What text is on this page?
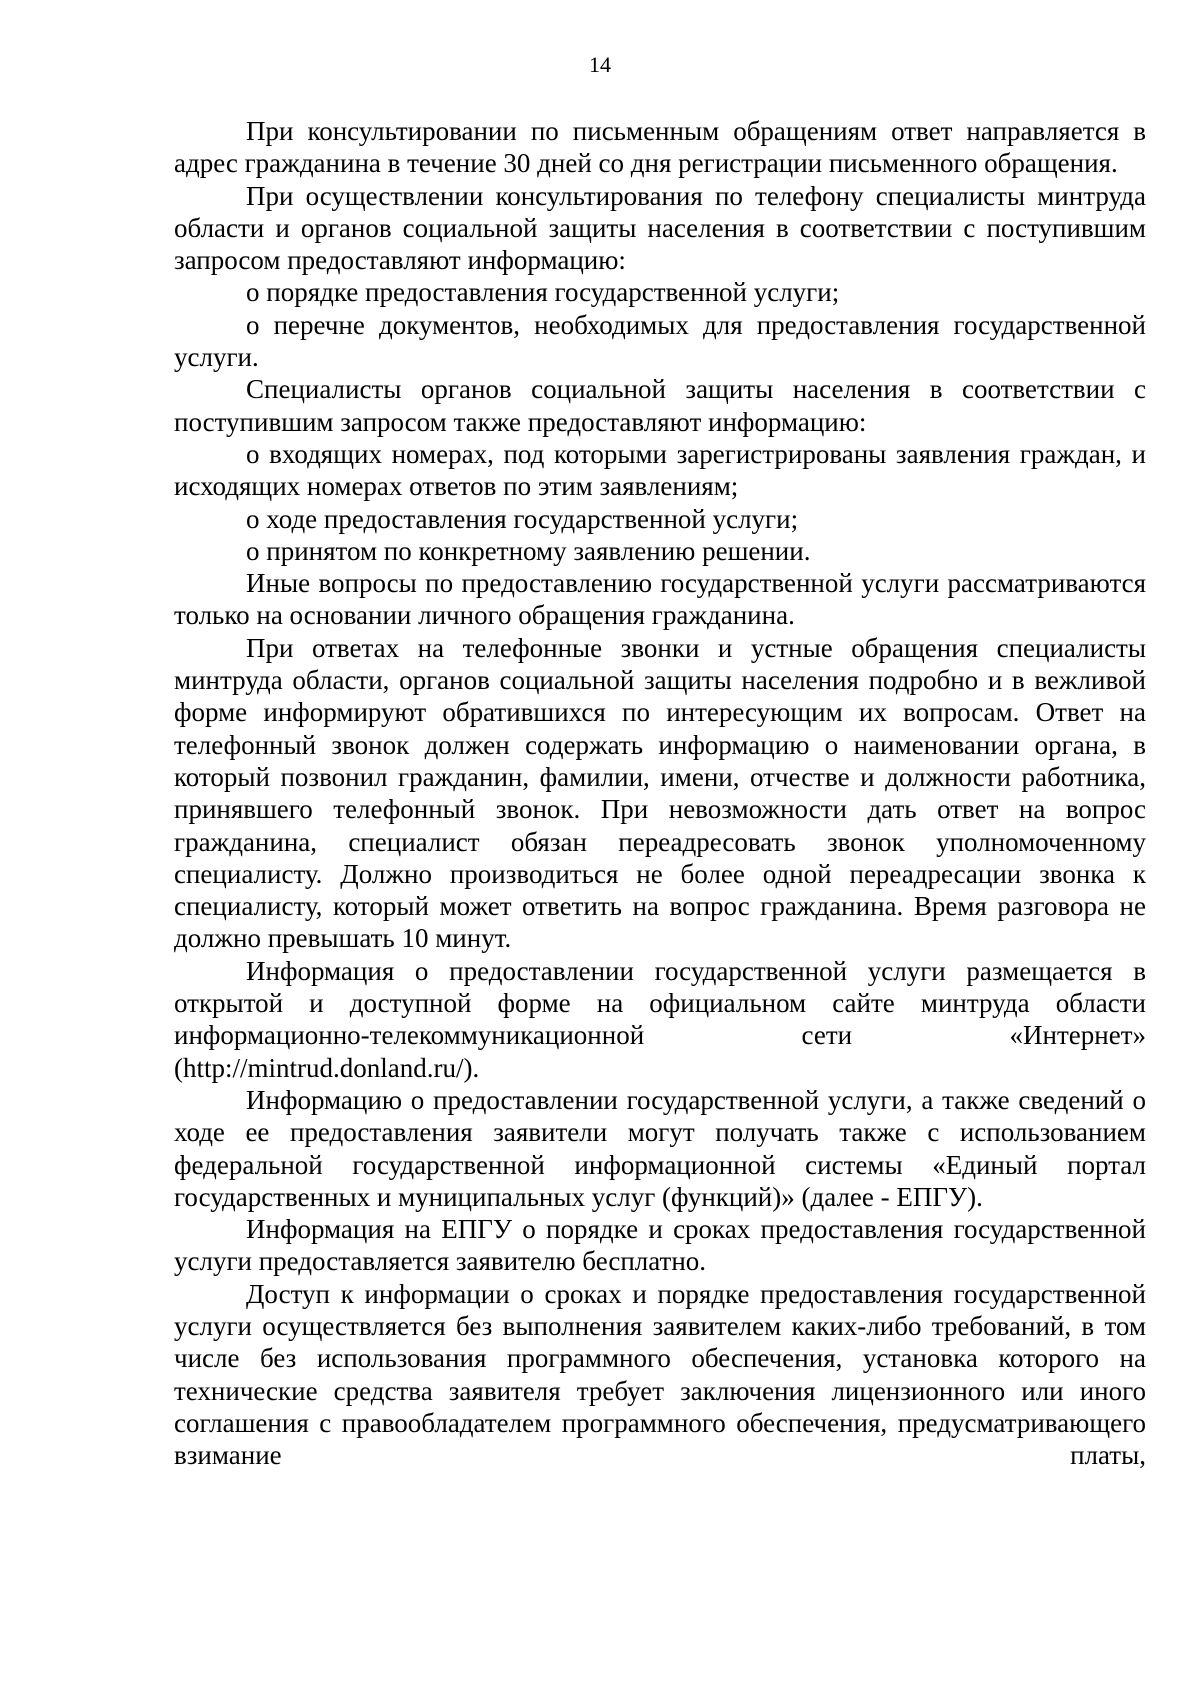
14

При консультировании по письменным обращениям ответ направляется в адрес гражданина в течение 30 дней со дня регистрации письменного обращения.

При осуществлении консультирования по телефону специалисты минтруда области и органов социальной защиты населения в соответствии с поступившим запросом предоставляют информацию:

о порядке предоставления государственной услуги;

о перечне документов, необходимых для предоставления государственной услуги.

Специалисты органов социальной защиты населения в соответствии с поступившим запросом также предоставляют информацию:

о входящих номерах, под которыми зарегистрированы заявления граждан, и исходящих номерах ответов по этим заявлениям;

о ходе предоставления государственной услуги;

о принятом по конкретному заявлению решении.

Иные вопросы по предоставлению государственной услуги рассматриваются только на основании личного обращения гражданина.

При ответах на телефонные звонки и устные обращения специалисты минтруда области, органов социальной защиты населения подробно и в вежливой форме информируют обратившихся по интересующим их вопросам. Ответ на телефонный звонок должен содержать информацию о наименовании органа, в который позвонил гражданин, фамилии, имени, отчестве и должности работника, принявшего телефонный звонок. При невозможности дать ответ на вопрос гражданина, специалист обязан переадресовать звонок уполномоченному специалисту. Должно производиться не более одной переадресации звонка к специалисту, который может ответить на вопрос гражданина. Время разговора не должно превышать 10 минут.

Информация о предоставлении государственной услуги размещается в открытой и доступной форме на официальном сайте минтруда области информационно-телекоммуникационной сети «Интернет» (http://mintrud.donland.ru/).

Информацию о предоставлении государственной услуги, а также сведений о ходе ее предоставления заявители могут получать также с использованием федеральной государственной информационной системы «Единый портал государственных и муниципальных услуг (функций)» (далее - ЕПГУ).

Информация на ЕПГУ о порядке и сроках предоставления государственной услуги предоставляется заявителю бесплатно.

Доступ к информации о сроках и порядке предоставления государственной услуги осуществляется без выполнения заявителем каких-либо требований, в том числе без использования программного обеспечения, установка которого на технические средства заявителя требует заключения лицензионного или иного соглашения с правообладателем программного обеспечения, предусматривающего взимание платы,
